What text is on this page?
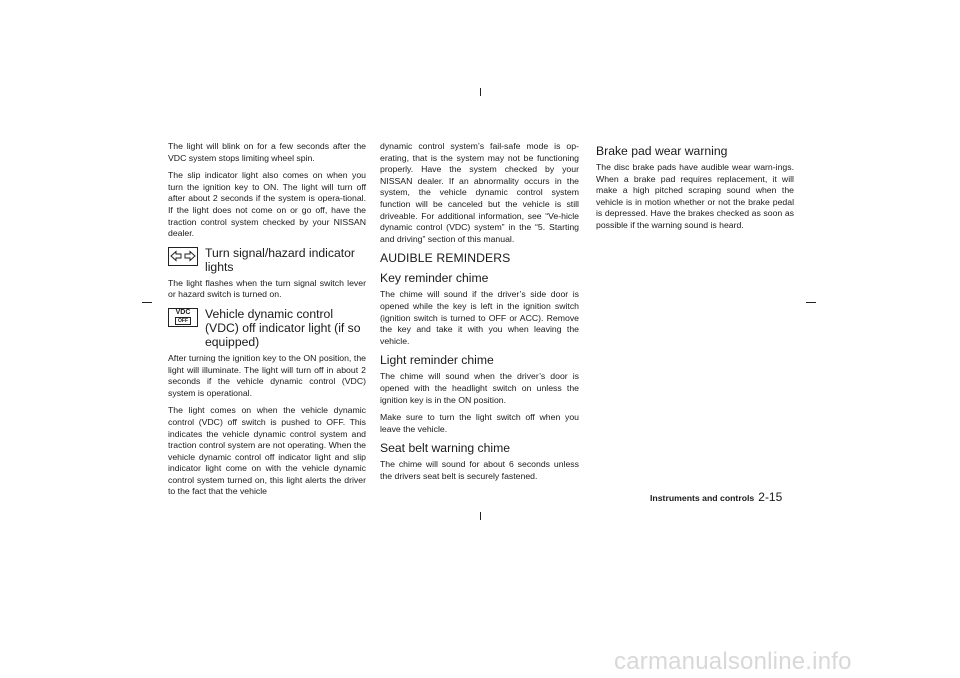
The light will blink on for a few seconds after the VDC system stops limiting wheel spin.

The slip indicator light also comes on when you turn the ignition key to ON. The light will turn off after about 2 seconds if the system is opera-tional. If the light does not come on or go off, have the traction control system checked by your NISSAN dealer.

Turn signal/hazard indicator lights

The light flashes when the turn signal switch lever or hazard switch is turned on.

VDC
OFF
Vehicle dynamic control (VDC) off indicator light (if so equipped)

After turning the ignition key to the ON position, the light will illuminate. The light will turn off in about 2 seconds if the vehicle dynamic control (VDC) system is operational.

The light comes on when the vehicle dynamic control (VDC) off switch is pushed to OFF. This indicates the vehicle dynamic control system and traction control system are not operating. When the vehicle dynamic control off indicator light and slip indicator light come on with the vehicle dynamic control system turned on, this light alerts the driver to the fact that the vehicle

dynamic control system’s fail-safe mode is op-erating, that is the system may not be functioning properly. Have the system checked by your NISSAN dealer. If an abnormality occurs in the system, the vehicle dynamic control system function will be canceled but the vehicle is still driveable. For additional information, see “Ve-hicle dynamic control (VDC) system” in the “5. Starting and driving” section of this manual.

AUDIBLE REMINDERS
Key reminder chime

The chime will sound if the driver’s side door is opened while the key is left in the ignition switch (ignition switch is turned to OFF or ACC). Remove the key and take it with you when leaving the vehicle.

Light reminder chime

The chime will sound when the driver’s door is opened with the headlight switch on unless the ignition key is in the ON position.

Make sure to turn the light switch off when you leave the vehicle.

Seat belt warning chime

The chime will sound for about 6 seconds unless the drivers seat belt is securely fastened.

Brake pad wear warning

The disc brake pads have audible wear warn-ings. When a brake pad requires replacement, it will make a high pitched scraping sound when the vehicle is in motion whether or not the brake pedal is depressed. Have the brakes checked as soon as possible if the warning sound is heard.

Instruments and controls 2-15
carmanualsonline.info
